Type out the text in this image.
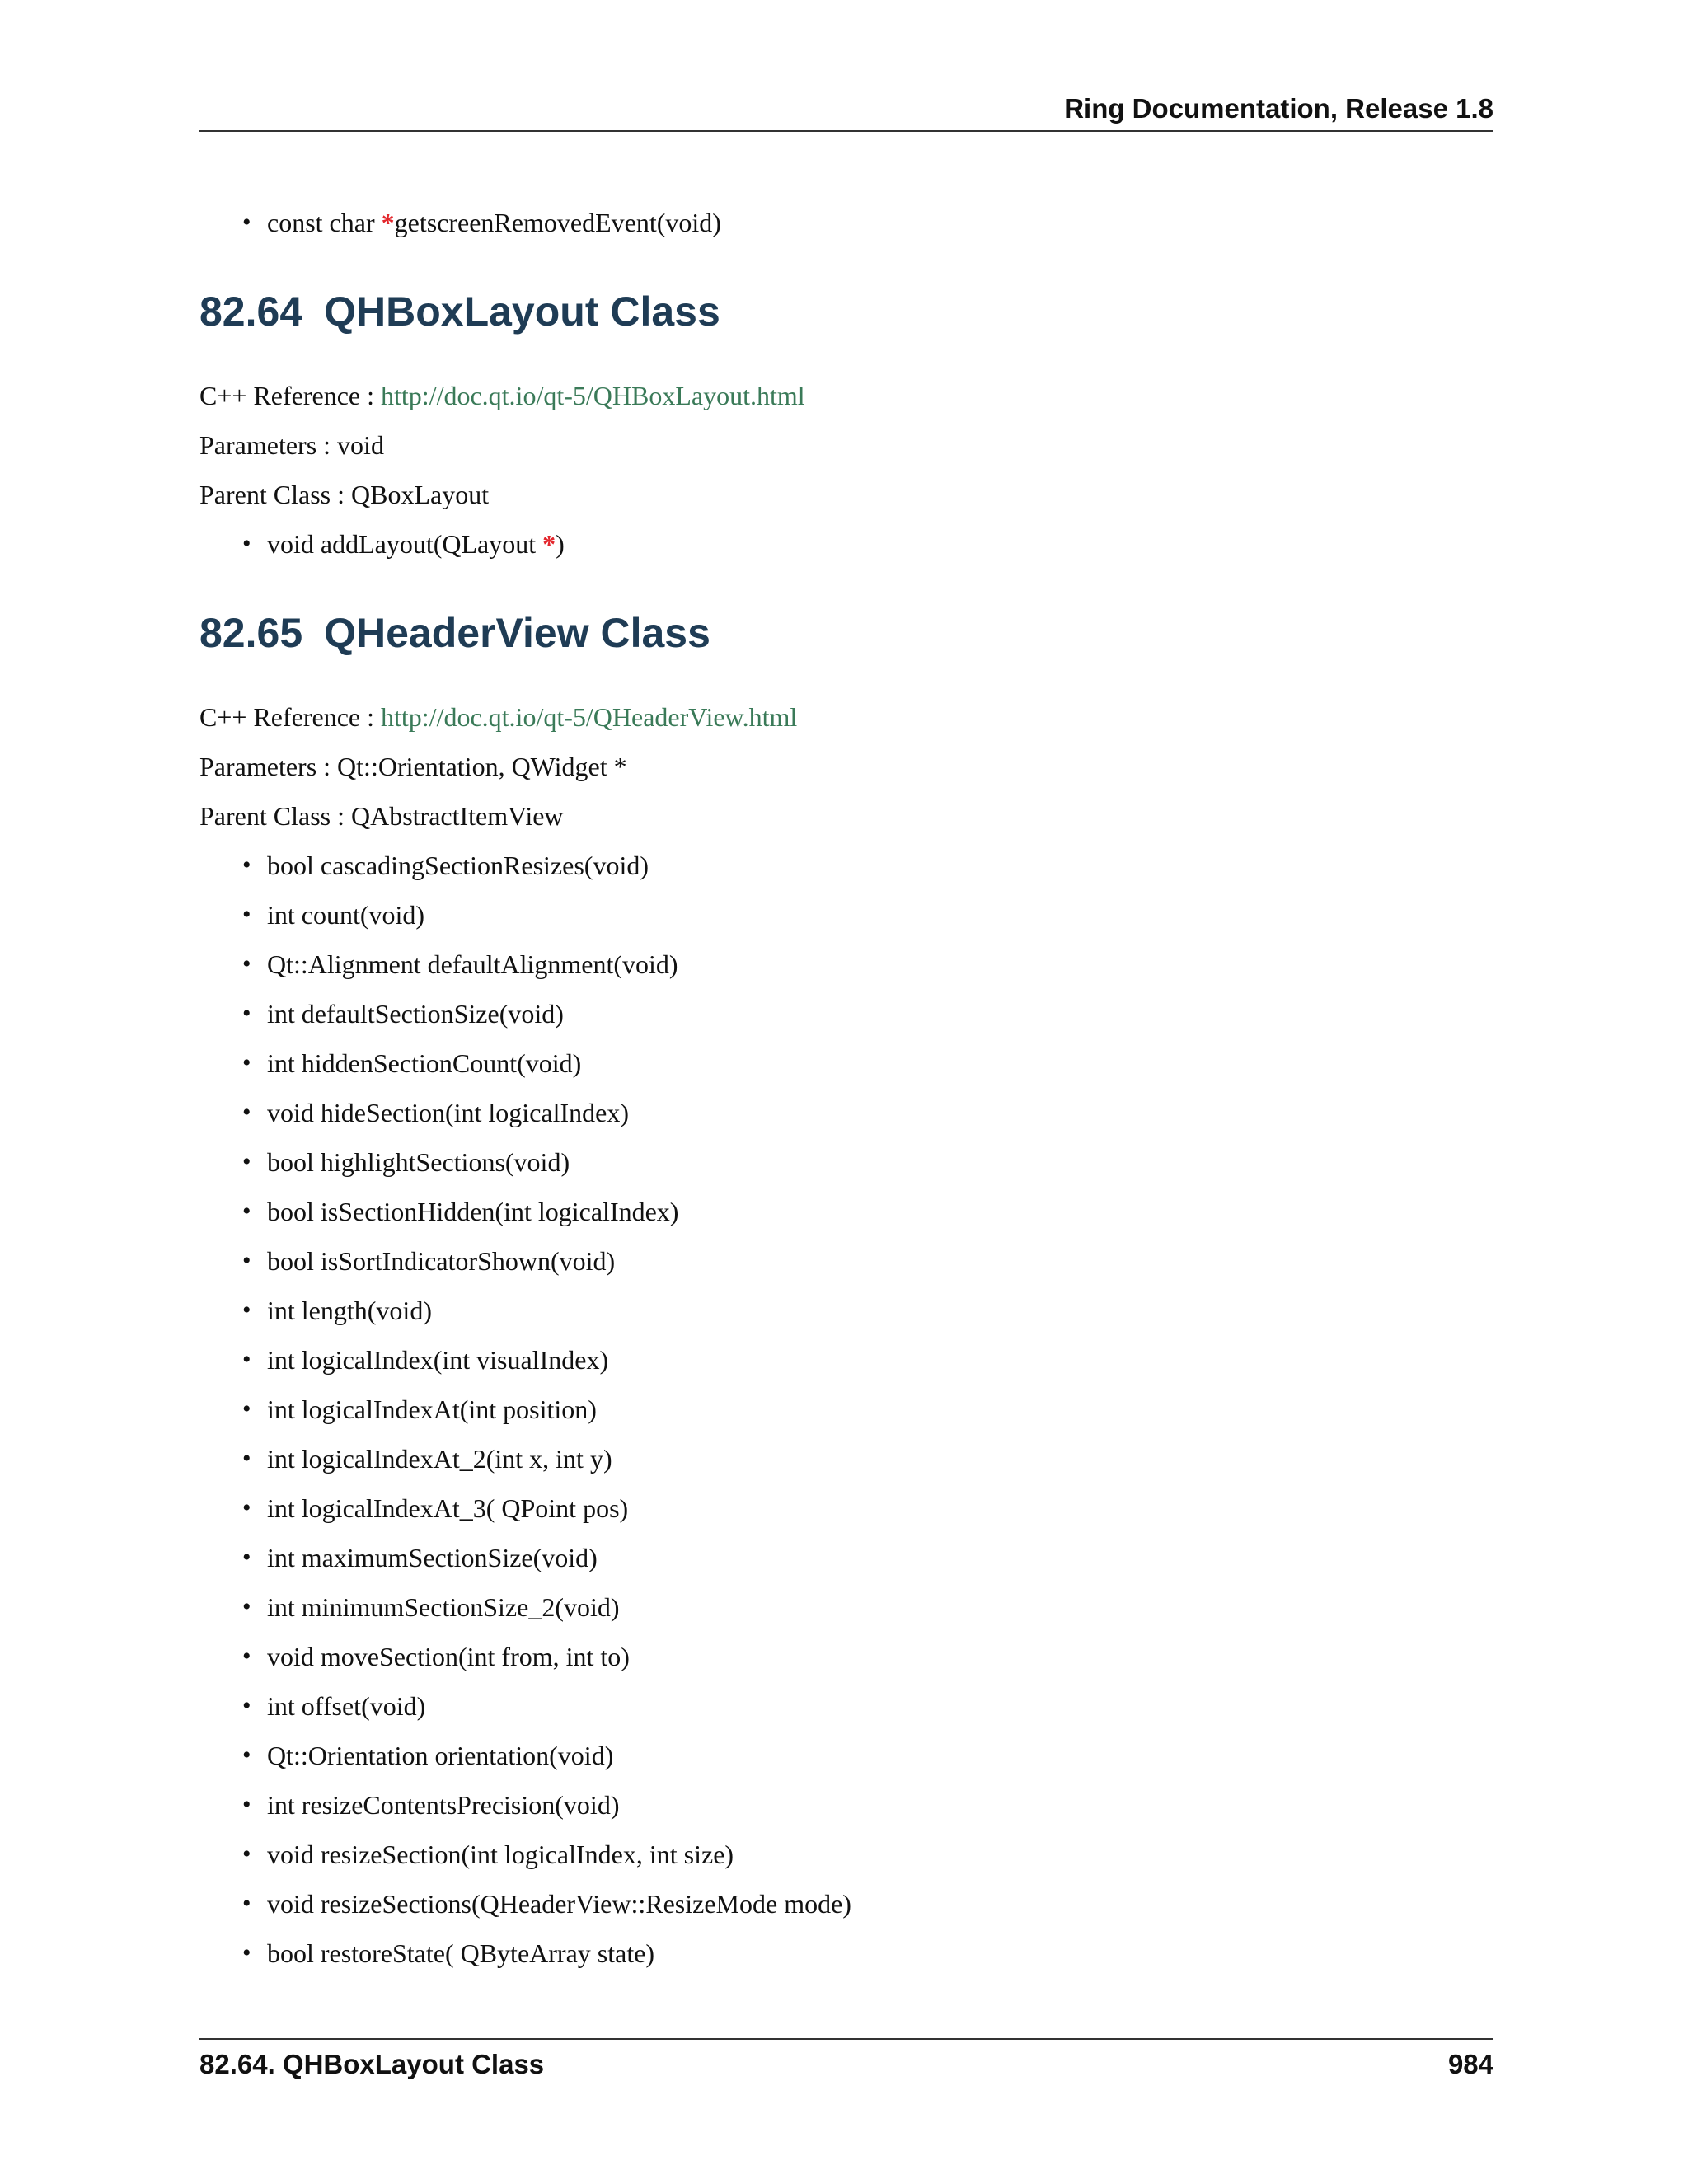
Ring Documentation, Release 1.8
• const char *getscreenRemovedEvent(void)
82.64 QHBoxLayout Class

C++ Reference : http://doc.qt.io/qt-5/QHBoxLayout.html

Parameters : void

Parent Class : QBoxLayout

• void addLayout(QLayout *)
82.65 QHeaderView Class

C++ Reference : http://doc.qt.io/qt-5/QHeaderView.html

Parameters : Qt::Orientation, QWidget *

Parent Class : QAbstractItemView

• bool cascadingSectionResizes(void)
• int count(void)
• Qt::Alignment defaultAlignment(void)
• int defaultSectionSize(void)
• int hiddenSectionCount(void)
• void hideSection(int logicalIndex)
• bool highlightSections(void)
• bool isSectionHidden(int logicalIndex)
• bool isSortIndicatorShown(void)
• int length(void)
• int logicalIndex(int visualIndex)
• int logicalIndexAt(int position)
• int logicalIndexAt_2(int x, int y)
• int logicalIndexAt_3( QPoint pos)
• int maximumSectionSize(void)
• int minimumSectionSize_2(void)
• void moveSection(int from, int to)
• int offset(void)
• Qt::Orientation orientation(void)
• int resizeContentsPrecision(void)
• void resizeSection(int logicalIndex, int size)
• void resizeSections(QHeaderView::ResizeMode mode)
• bool restoreState( QByteArray state)
82.64. QHBoxLayout Class	984
